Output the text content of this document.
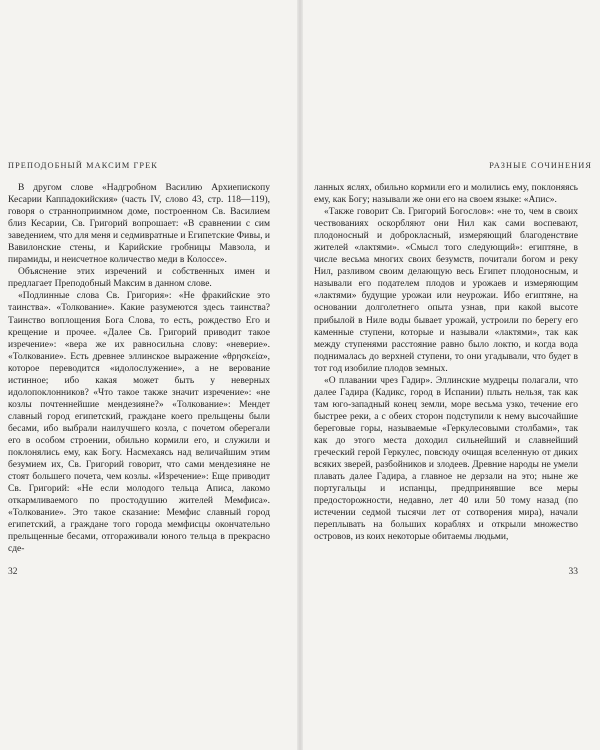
ПРЕПОДОБНЫЙ МАКСИМ ГРЕК

В другом слове «Надгробном Василию Архиепископу Кесарии Каппадокийския» (часть IV, слово 43, стр. 118—119), говоря о странноприимном доме, построенном Св. Василием близ Кесарии, Св. Григорий вопрошает: «В сравнении с сим заведением, что для меня и седмивратные и Египетские Фивы, и Вавилонские стены, и Карийские гробницы Мавзола, и пирамиды, и неисчетное количество меди в Колоссе».

Объяснение этих изречений и собственных имен и предлагает Преподобный Максим в данном слове.

«Подлинные слова Св. Григория»: «Не фракийские это таинства». «Толкование». Какие разумеются здесь таинства? Таинство воплощения Бога Слова, то есть, рождество Его и крещение и прочее. «Далее Св. Григорий приводит такое изречение»: «вера же их равносильна слову: «неверие». «Толкование». Есть древнее эллинское выражение «θρησκεία», которое переводится «идолослужение», а не верование истинное; ибо какая может быть у неверных идолопоклонников? «Что такое также значит изречение»: «не козлы почтеннейшие мендезияне?» «Толкование»: Мендет славный город египетский, граждане коего прельщены были бесами, ибо выбрали наилучшего козла, с почетом оберегали его в особом строении, обильно кормили его, и служили и поклонялись ему, как Богу. Насмехаясь над величайшим этим безумием их, Св. Григорий говорит, что сами мендезияне не стоят большего почета, чем козлы. «Изречение»: Еще приводит Св. Григорий: «Не если молодого тельца Аписа, лакомо откармливаемого по простодушию жителей Мемфиса». «Толкование». Это такое сказание: Мемфис славный город египетский, а граждане того города мемфисцы окончательно прельщенные бесами, отгораживали юного тельца в прекрасно сде-

32
РАЗНЫЕ СОЧИНЕНИЯ

ланных яслях, обильно кормили его и молились ему, поклоняясь ему, как Богу; называли же они его на своем языке: «Апис».

«Также говорит Св. Григорий Богослов»: «не то, чем в своих чествованиях оскорбляют они Нил как сами воспевают, плодоносный и доброкласный, измеряющий благоденствие жителей «лактями». «Смысл того следующий»: египтяне, в числе весьма многих своих безумств, почитали богом и реку Нил, разливом своим делающую весь Египет плодоносным, и называли его подателем плодов и урожаев и измеряющим «лактями» будущие урожаи или неурожаи. Ибо египтяне, на основании долголетнего опыта узнав, при какой высоте прибылой в Ниле воды бывает урожай, устроили по берегу его каменные ступени, которые и называли «лактями», так как между ступенями расстояние равно было локтю, и когда вода поднималась до верхней ступени, то они угадывали, что будет в тот год изобилие плодов земных.

«О плавании чрез Гадир». Эллинские мудрецы полагали, что далее Гадира (Кадикс, город в Испании) плыть нельзя, так как там юго-западный конец земли, море весьма узко, течение его быстрее реки, а с обеих сторон подступили к нему высочайшие береговые горы, называемые «Геркулесовыми столбами», так как до этого места доходил сильнейший и славнейший греческий герой Геркулес, повсюду очищая вселенную от диких всяких зверей, разбойников и злодеев. Древние народы не умели плавать далее Гадира, а главное не дерзали на это; ныне же португальцы и испанцы, предпринявшие все меры предосторожности, недавно, лет 40 или 50 тому назад (по истечении седмой тысячи лет от сотворения мира), начали переплывать на больших кораблях и открыли множество островов, из коих некоторые обитаемы людьми,

33
